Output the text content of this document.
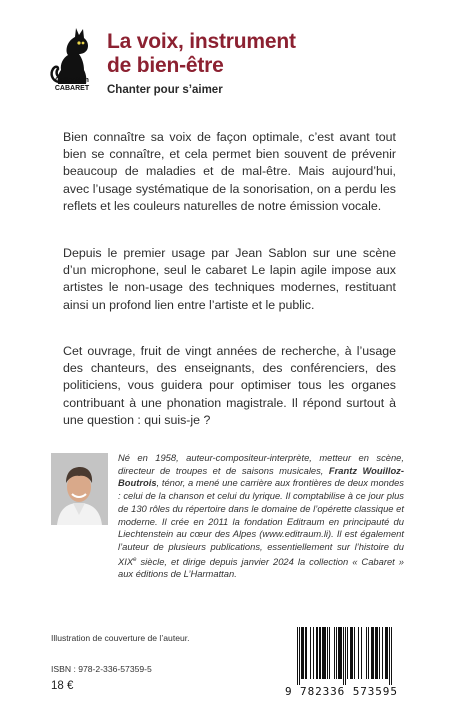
Collection CABARET
La voix, instrument
de bien-être

Chanter pour s’aimer

Bien connaître sa voix de façon optimale, c’est avant tout bien se connaître, et cela permet bien souvent de prévenir beaucoup de maladies et de mal-être. Mais aujourd’hui, avec l’usage systématique de la sonorisation, on a perdu les reflets et les couleurs naturelles de notre émission vocale.

Depuis le premier usage par Jean Sablon sur une scène d’un microphone, seul le cabaret Le lapin agile impose aux artistes le non-usage des techniques modernes, restituant ainsi un profond lien entre l’artiste et le public.

Cet ouvrage, fruit de vingt années de recherche, à l’usage des chanteurs, des enseignants, des conférenciers, des politiciens, vous guidera pour optimiser tous les organes contribuant à une phonation magistrale. Il répond surtout à une question : qui suis-je ?

Né en 1958, auteur-compositeur-interprète, metteur en scène, directeur de troupes et de saisons musicales, Frantz Wouilloz-Boutrois, ténor, a mené une carrière aux frontières de deux mondes : celui de la chanson et celui du lyrique. Il comptabilise à ce jour plus de 130 rôles du répertoire dans le domaine de l’opérette classique et moderne. Il crée en 2011 la fondation Editraum en principauté du Liechtenstein au cœur des Alpes (www.editraum.li). Il est également l’auteur de plusieurs publications, essentiellement sur l’histoire du XIXe siècle, et dirige depuis janvier 2024 la collection « Cabaret » aux éditions de L’Harmattan.

Illustration de couverture de l’auteur.

ISBN : 978-2-336-57359-5

18 €	9 782336 573595
